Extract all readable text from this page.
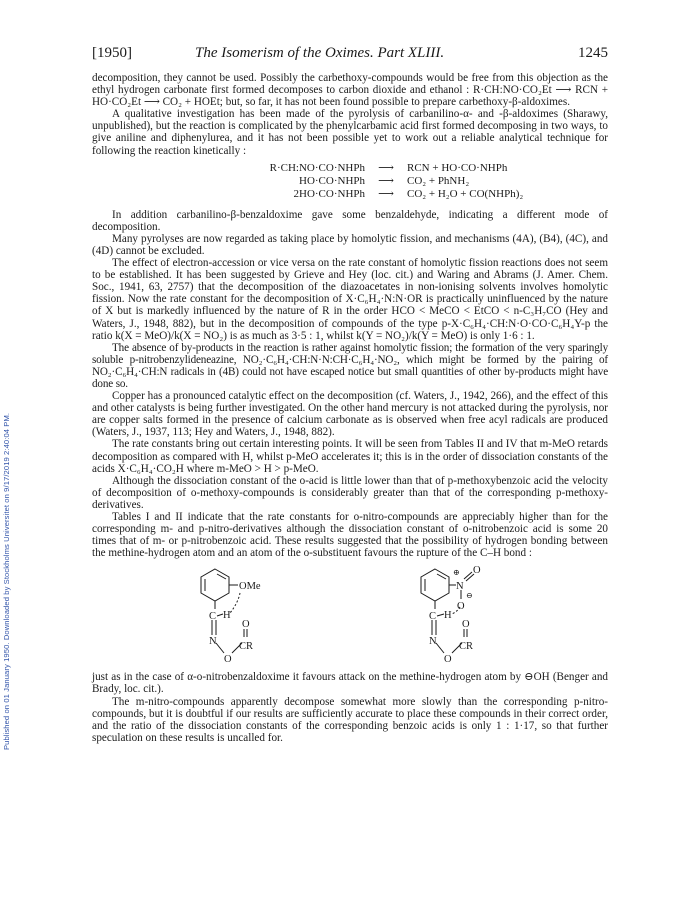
Published on 01 January 1950. Downloaded by Stockholms Universitet on 9/17/2019 2:40:04 PM.
[1950]	The Isomerism of the Oximes. Part XLIII.	1245

decomposition, they cannot be used. Possibly the carbethoxy-compounds would be free from this objection as the ethyl hydrogen carbonate first formed decomposes to carbon dioxide and ethanol : R·CH:NO·CO₂Et ⟶ RCN + HO·CO₂Et ⟶ CO₂ + HOEt; but, so far, it has not been found possible to prepare carbethoxy-β-aldoximes.

A qualitative investigation has been made of the pyrolysis of carbanilino-α- and -β-aldoximes (Sharawy, unpublished), but the reaction is complicated by the phenylcarbamic acid first formed decomposing in two ways, to give aniline and diphenylurea, and it has not been possible yet to work out a reliable analytical technique for following the reaction kinetically :

R·CH:NO·CO·NHPh	⟶	RCN + HO·CO·NHPh
HO·CO·NHPh	⟶	CO₂ + PhNH₂
2HO·CO·NHPh	⟶	CO₂ + H₂O + CO(NHPh)₂

In addition carbanilino-β-benzaldoxime gave some benzaldehyde, indicating a different mode of decomposition.

Many pyrolyses are now regarded as taking place by homolytic fission, and mechanisms (4A), (B4), (4C), and (4D) cannot be excluded.

The effect of electron-accession or vice versa on the rate constant of homolytic fission reactions does not seem to be established. It has been suggested by Grieve and Hey (loc. cit.) and Waring and Abrams (J. Amer. Chem. Soc., 1941, 63, 2757) that the decomposition of the diazoacetates in non-ionising solvents involves homolytic fission. Now the rate constant for the decomposition of X·C₆H₄·N:N·OR is practically uninfluenced by the nature of X but is markedly influenced by the nature of R in the order HCO < MeCO < EtCO < n-C₃H₇CO (Hey and Waters, J., 1948, 882), but in the decomposition of compounds of the type p-X·C₆H₄·CH:N·O·CO·C₆H₄Y-p the ratio k(X = MeO)/k(X = NO₂) is as much as 3·5 : 1, whilst k(Y = NO₂)/k(Y = MeO) is only 1·6 : 1.

The absence of by-products in the reaction is rather against homolytic fission; the formation of the very sparingly soluble p-nitrobenzylideneazine, NO₂·C₆H₄·CH:N·N:CH·C₆H₄·NO₂, which might be formed by the pairing of NO₂·C₆H₄·CH:N radicals in (4B) could not have escaped notice but small quantities of other by-products might have done so.

Copper has a pronounced catalytic effect on the decomposition (cf. Waters, J., 1942, 266), and the effect of this and other catalysts is being further investigated. On the other hand mercury is not attacked during the pyrolysis, nor are copper salts formed in the presence of calcium carbonate as is observed when free acyl radicals are produced (Waters, J., 1937, 113; Hey and Waters, J., 1948, 882).

The rate constants bring out certain interesting points. It will be seen from Tables II and IV that m-MeO retards decomposition as compared with H, whilst p-MeO accelerates it; this is in the order of dissociation constants of the acids X·C₆H₄·CO₂H where m-MeO > H > p-MeO.

Although the dissociation constant of the o-acid is little lower than that of p-methoxybenzoic acid the velocity of decomposition of o-methoxy-compounds is considerably greater than that of the corresponding p-methoxy-derivatives.

Tables I and II indicate that the rate constants for o-nitro-compounds are appreciably higher than for the corresponding m- and p-nitro-derivatives although the dissociation constant of o-nitrobenzoic acid is some 20 times that of m- or p-nitrobenzoic acid. These results suggested that the possibility of hydrogen bonding between the methine-hydrogen atom and an atom of the o-substituent favours the rupture of the C–H bond :

OMe
C H
N
O
O
CR
N
⊕ O
O
⊖
C H
N
O
O
CR

just as in the case of α-o-nitrobenzaldoxime it favours attack on the methine-hydrogen atom by ⊖OH (Benger and Brady, loc. cit.).

The m-nitro-compounds apparently decompose somewhat more slowly than the corresponding p-nitro-compounds, but it is doubtful if our results are sufficiently accurate to place these compounds in their correct order, and the ratio of the dissociation constants of the corresponding benzoic acids is only 1 : 1·17, so that further speculation on these results is uncalled for.
